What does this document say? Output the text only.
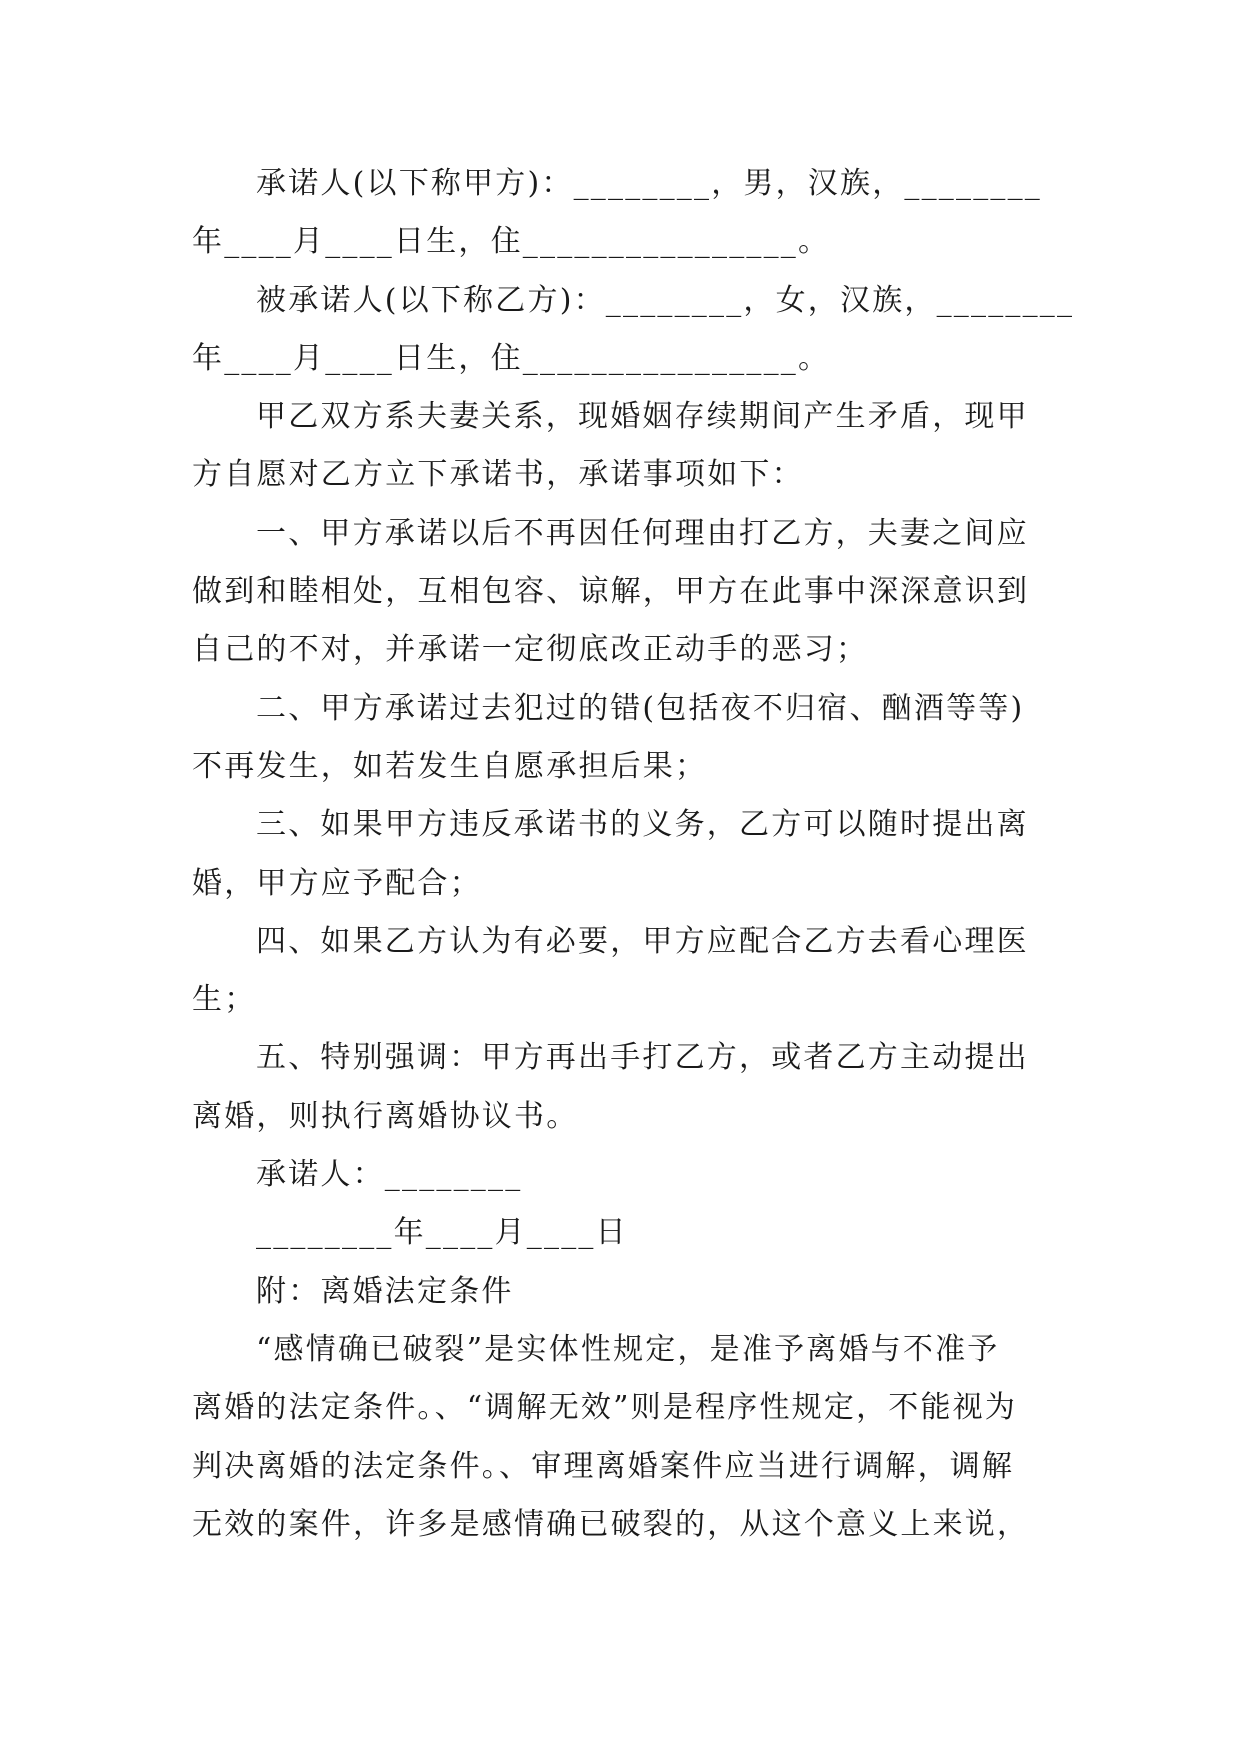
承诺人(以下称甲方)：________，男，汉族，________
年____月____日生，住________________。
被承诺人(以下称乙方)：________，女，汉族，________
年____月____日生，住________________。
甲乙双方系夫妻关系，现婚姻存续期间产生矛盾，现甲
方自愿对乙方立下承诺书，承诺事项如下：
一、甲方承诺以后不再因任何理由打乙方，夫妻之间应
做到和睦相处，互相包容、谅解，甲方在此事中深深意识到
自己的不对，并承诺一定彻底改正动手的恶习；
二、甲方承诺过去犯过的错(包括夜不归宿、酗酒等等)
不再发生，如若发生自愿承担后果；
三、如果甲方违反承诺书的义务，乙方可以随时提出离
婚，甲方应予配合；
四、如果乙方认为有必要，甲方应配合乙方去看心理医
生；
五、特别强调：甲方再出手打乙方，或者乙方主动提出
离婚，则执行离婚协议书。
承诺人：________
________年____月____日
附：离婚法定条件
“感情确已破裂”是实体性规定，是准予离婚与不准予
离婚的法定条件。、“调解无效”则是程序性规定，不能视为
判决离婚的法定条件。、审理离婚案件应当进行调解，调解
无效的案件，许多是感情确已破裂的，从这个意义上来说，
